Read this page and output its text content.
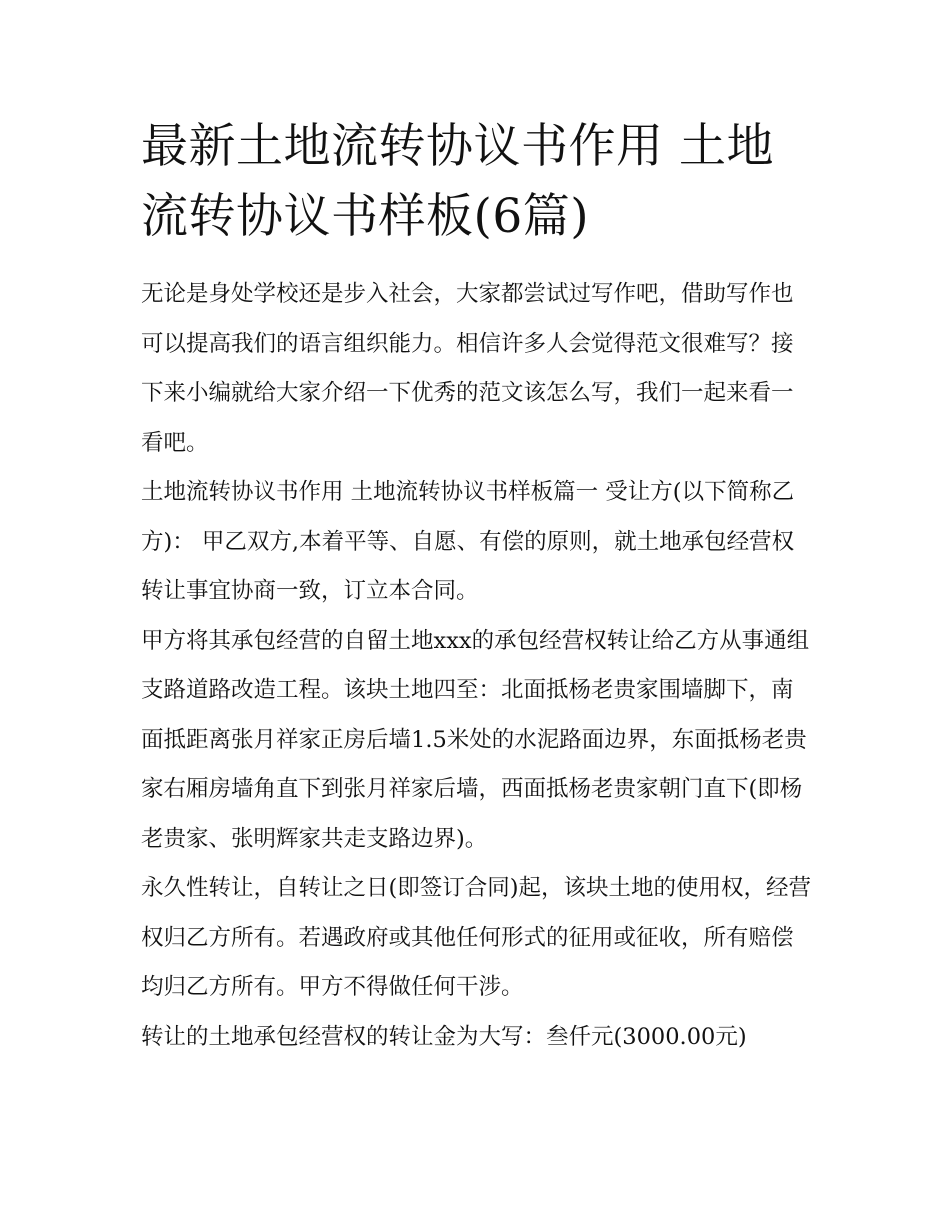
最新土地流转协议书作用 土地流转协议书样板(6篇)

无论是身处学校还是步入社会，大家都尝试过写作吧，借助写作也可以提高我们的语言组织能力。相信许多人会觉得范文很难写？接下来小编就给大家介绍一下优秀的范文该怎么写，我们一起来看一看吧。

土地流转协议书作用 土地流转协议书样板篇一 受让方(以下简称乙方)： 甲乙双方,本着平等、自愿、有偿的原则，就土地承包经营权转让事宜协商一致，订立本合同。

甲方将其承包经营的自留土地xxx的承包经营权转让给乙方从事通组支路道路改造工程。该块土地四至：北面抵杨老贵家围墙脚下，南面抵距离张月祥家正房后墙1.5米处的水泥路面边界，东面抵杨老贵家右厢房墙角直下到张月祥家后墙，西面抵杨老贵家朝门直下(即杨老贵家、张明辉家共走支路边界)。

永久性转让，自转让之日(即签订合同)起，该块土地的使用权，经营权归乙方所有。若遇政府或其他任何形式的征用或征收，所有赔偿均归乙方所有。甲方不得做任何干涉。

转让的土地承包经营权的转让金为大写：叁仟元(3000.00元)
